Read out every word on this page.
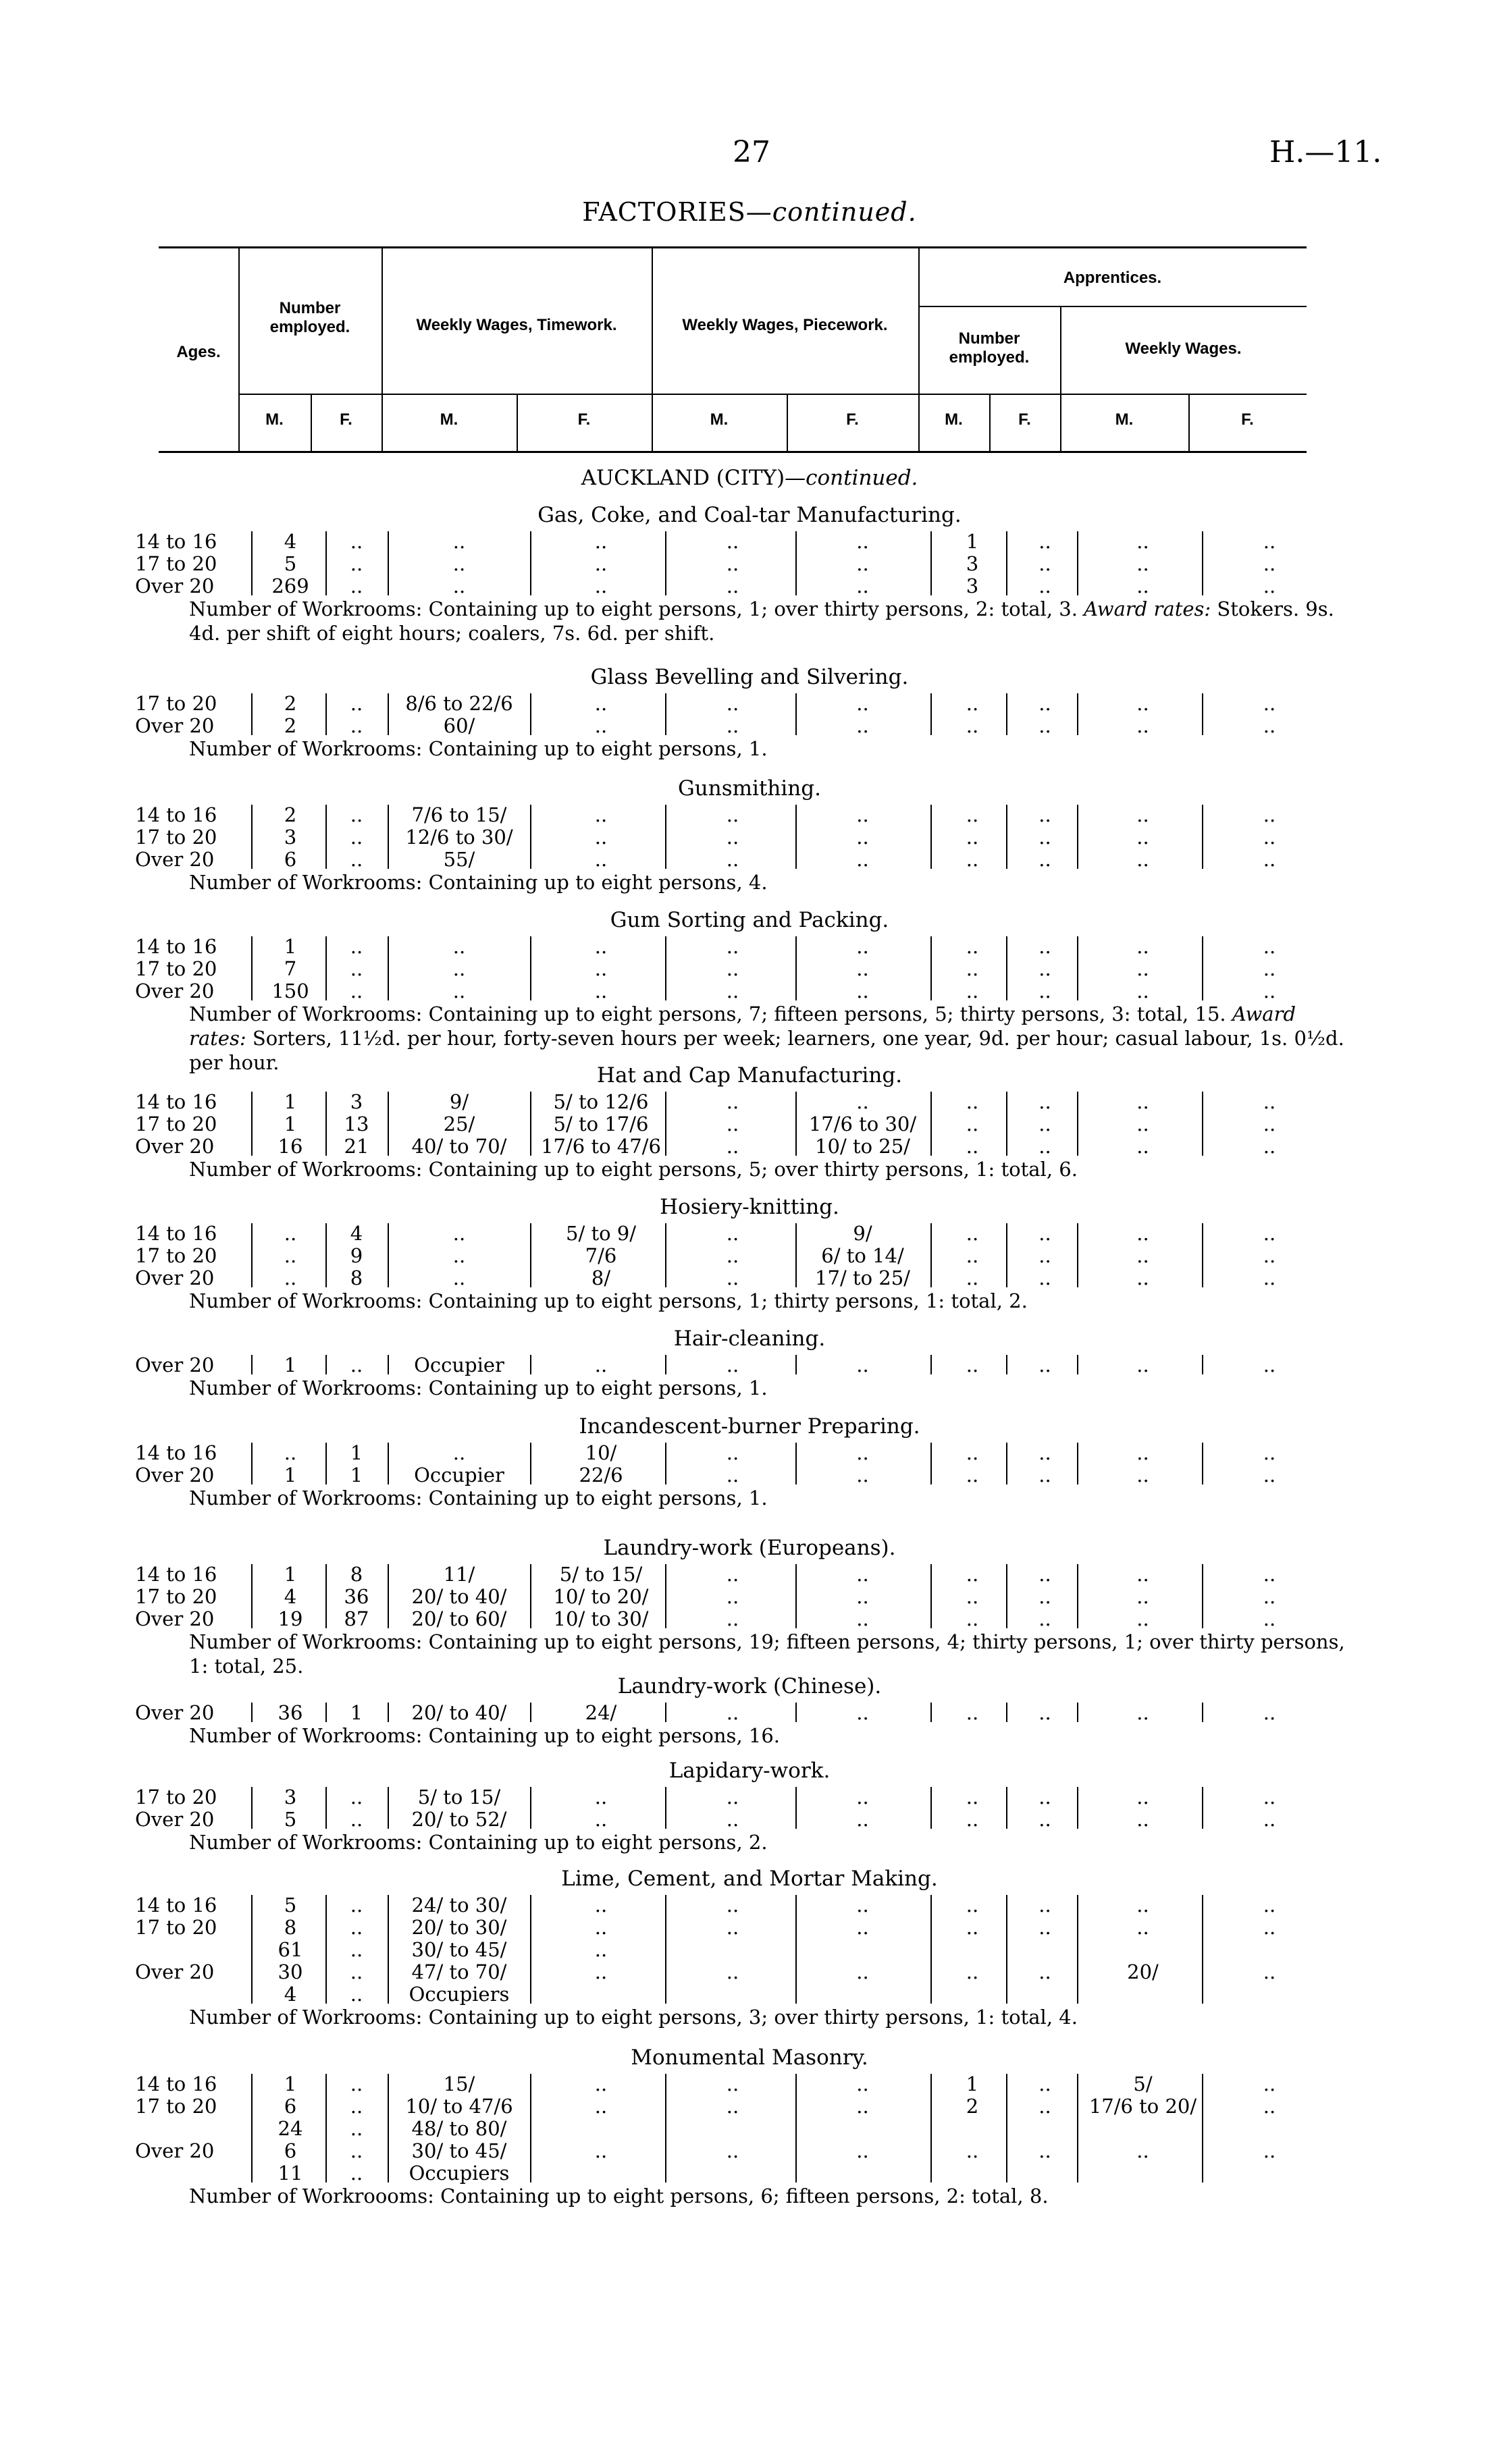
27	H.—11.
FACTORIES—continued.
Ages.
Number employed.	Weekly Wages, Timework.	Weekly Wages, Piecework.
Apprentices.
Number employed.	Weekly Wages.
M.	F.	M.	F.	M.	F.	M.	F.	M.	F.
AUCKLAND (CITY)—continued.
Gas, Coke, and Coal-tar Manufacturing.
14 to 16	4	..	..	..	..	..	1	..	..	..
17 to 20	5	..	..	..	..	..	3	..	..	..
Over 20	269	..	..	..	..	..	3	..	..	..
Number of Workrooms: Containing up to eight persons, 1; over thirty persons, 2: total, 3. Award rates: Stokers. 9s. 4d. per shift of eight hours; coalers, 7s. 6d. per shift.
Glass Bevelling and Silvering.
17 to 20	2	..	8/6 to 22/6	..	..	..	..	..	..	..
Over 20	2	..	60/	..	..	..	..	..	..	..
Number of Workrooms: Containing up to eight persons, 1.
Gunsmithing.
14 to 16	2	..	7/6 to 15/	..	..	..	..	..	..	..
17 to 20	3	..	12/6 to 30/	..	..	..	..	..	..	..
Over 20	6	..	55/	..	..	..	..	..	..	..
Number of Workrooms: Containing up to eight persons, 4.
Gum Sorting and Packing.
14 to 16	1	..	..	..	..	..	..	..	..	..
17 to 20	7	..	..	..	..	..	..	..	..	..
Over 20	150	..	..	..	..	..	..	..	..	..
Number of Workrooms: Containing up to eight persons, 7; fifteen persons, 5; thirty persons, 3: total, 15. Award rates: Sorters, 11½d. per hour, forty-seven hours per week; learners, one year, 9d. per hour; casual labour, 1s. 0½d. per hour.
Hat and Cap Manufacturing.
14 to 16	1	3	9/	5/ to 12/6	..	..	..	..	..	..
17 to 20	1	13	25/	5/ to 17/6	..	17/6 to 30/	..	..	..	..
Over 20	16	21	40/ to 70/	17/6 to 47/6	..	10/ to 25/	..	..	..	..
Number of Workrooms: Containing up to eight persons, 5; over thirty persons, 1: total, 6.
Hosiery-knitting.
14 to 16	..	4	..	5/ to 9/	..	9/	..	..	..	..
17 to 20	..	9	..	7/6	..	6/ to 14/	..	..	..	..
Over 20	..	8	..	8/	..	17/ to 25/	..	..	..	..
Number of Workrooms: Containing up to eight persons, 1; thirty persons, 1: total, 2.
Hair-cleaning.
Over 20	1	..	Occupier	..	..	..	..	..	..	..
Number of Workrooms: Containing up to eight persons, 1.
Incandescent-burner Preparing.
14 to 16	..	1	..	10/	..	..	..	..	..	..
Over 20	1	1	Occupier	22/6	..	..	..	..	..	..
Number of Workrooms: Containing up to eight persons, 1.
Laundry-work (Europeans).
14 to 16	1	8	11/	5/ to 15/	..	..	..	..	..	..
17 to 20	4	36	20/ to 40/	10/ to 20/	..	..	..	..	..	..
Over 20	19	87	20/ to 60/	10/ to 30/	..	..	..	..	..	..
Number of Workrooms: Containing up to eight persons, 19; fifteen persons, 4; thirty persons, 1; over thirty persons, 1: total, 25.
Laundry-work (Chinese).
Over 20	36	1	20/ to 40/	24/	..	..	..	..	..	..
Number of Workrooms: Containing up to eight persons, 16.
Lapidary-work.
17 to 20	3	..	5/ to 15/	..	..	..	..	..	..	..
Over 20	5	..	20/ to 52/	..	..	..	..	..	..	..
Number of Workrooms: Containing up to eight persons, 2.
Lime, Cement, and Mortar Making.
14 to 16	5	..	24/ to 30/	..	..	..	..	..	..	..
17 to 20	8	..	20/ to 30/	..	..	..	..	..	..	..
61	..	30/ to 45/	..
Over 20	30	..	47/ to 70/	..	..	..	..	..	20/	..
4	..	Occupiers
Number of Workrooms: Containing up to eight persons, 3; over thirty persons, 1: total, 4.
Monumental Masonry.
14 to 16	1	..	15/	..	..	..	1	..	5/	..
17 to 20	6	..	10/ to 47/6	..	..	..	2	..	17/6 to 20/	..
24	..	48/ to 80/
Over 20	6	..	30/ to 45/	..	..	..	..	..	..	..
11	..	Occupiers
Number of Workroooms: Containing up to eight persons, 6; fifteen persons, 2: total, 8.
